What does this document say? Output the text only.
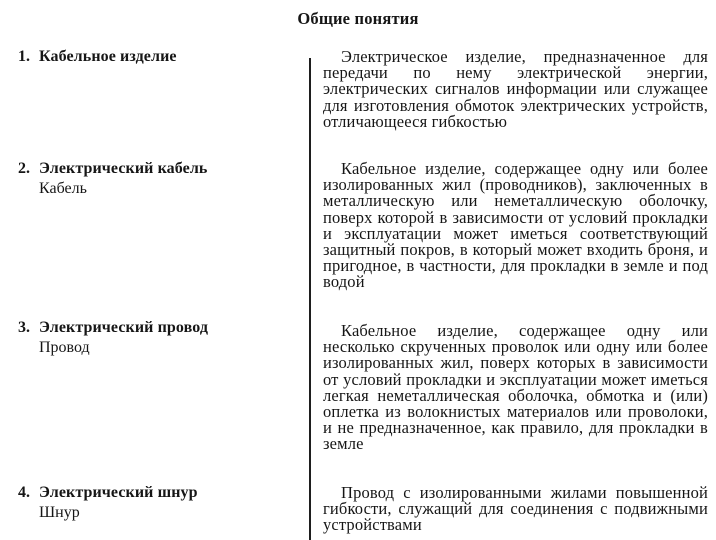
Общие понятия
1. Кабельное изделие	Электрическое изделие, предназначенное для передачи по нему электрической энергии, электрических сигналов информации или служащее для изготовления обмоток электрических устройств, отличающееся гибкостью

2. Электрический кабель
Кабель

Кабельное изделие, содержащее одну или более изолированных жил (проводников), заключенных в металлическую или неметаллическую оболочку, поверх которой в зависимости от условий прокладки и эксплуатации может иметься соответствующий защитный покров, в который может входить броня, и пригодное, в частности, для прокладки в земле и под водой

3. Электрический провод
Провод

Кабельное изделие, содержащее одну или несколько скрученных проволок или одну или более изолированных жил, поверх которых в зависимости от условий прокладки и эксплуатации может иметься легкая неметаллическая оболочка, обмотка и (или) оплетка из волокнистых материалов или проволоки, и не предназначенное, как правило, для прокладки в земле

4. Электрический шнур
Шнур

Провод с изолированными жилами повышенной гибкости, служащий для соединения с подвижными устройствами
